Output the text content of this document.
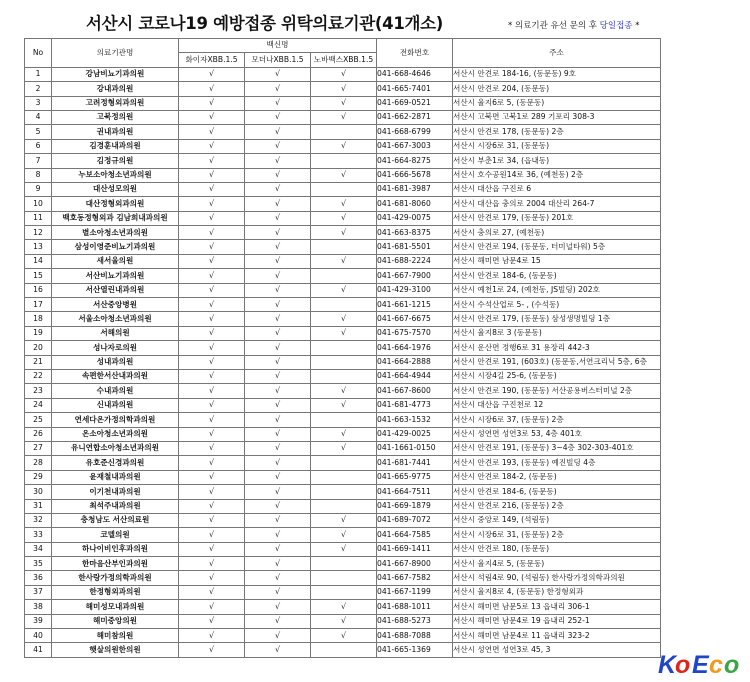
서산시 코로나19 예방접종 위탁의료기관(41개소)	* 의료기관 유선 문의 후 당일접종 *
No	의료기관명	백신명			전화번호	주소
		화이자XBB.1.5	모더나XBB.1.5	노바백스XBB.1.5		
1	강남비뇨기과의원	√	√	√	041-668-4646	서산시 안견로 184-16, (동문동) 9호
2	강내과의원	√	√	√	041-665-7401	서산시 안견로 204, (동문동)
3	고려정형외과의원	√	√	√	041-669-0521	서산시 율지6로 5, (동문동)
4	고북정의원	√	√	√	041-662-2871	서산시 고북면 고북1로 289 기포리 308-3
5	권내과의원	√	√		041-668-6799	서산시 안견로 178, (동문동) 2층
6	김경훈내과의원	√	√	√	041-667-3003	서산시 시장6로 31, (동문동)
7	김정규의원	√	√		041-664-8275	서산시 부춘1로 34, (읍내동)
8	누보소아청소년과의원	√	√	√	041-666-5678	서산시 호수공원14로 36, (예천동) 2층
9	대산성모의원	√	√		041-681-3987	서산시 대산읍 구진로 6
10	대산정형외과의원	√	√	√	041-681-8060	서산시 대산읍 충의로 2004 대산리 264-7
11	백호동정형외과 김남희내과의원	√	√	√	041-429-0075	서산시 안견로 179, (동문동) 201호
12	별소아청소년과의원	√	√	√	041-663-8375	서산시 충의로 27, (예천동)
13	삼성이영준비뇨기과의원	√	√		041-681-5501	서산시 안견로 194, (동문동, 터미널타워) 5층
14	새서울의원	√	√	√	041-688-2224	서산시 해미면 남문4로 15
15	서산비뇨기과의원	√	√		041-667-7900	서산시 안견로 184-6, (동문동)
16	서산열린내과의원	√	√	√	041-429-3100	서산시 예천1로 24, (예천동, JS빌딩) 202호
17	서산중앙병원	√	√		041-661-1215	서산시 수석산업로 5- , (수석동)
18	서울소아청소년과의원	√	√	√	041-667-6675	서산시 안견로 179, (동문동) 삼성생명빌딩 1층
19	서해의원	√	√	√	041-675-7570	서산시 율지8로 3 (동문동)
20	성나자로의원	√	√		041-664-1976	서산시 운산면 정행6로 31 용장리 442-3
21	성내과의원	√	√		041-664-2888	서산시 안견로 191, (603호) (동문동,서연크리닉 5층, 6층
22	속편한서산내과의원	√	√		041-664-4944	서산시 시장4길 25-6, (동문동)
23	수내과의원	√	√	√	041-667-8600	서산시 안견로 190, (동문동) 서산공용버스터미널 2층
24	신내과의원	√	√	√	041-681-4773	서산시 대산읍 구진천로 12
25	연세다온가정의학과의원	√	√		041-663-1532	서산시 시장6로 37, (동문동) 2층
26	온소아청소년과의원	√	√	√	041-429-0025	서산시 성연면 성연3로 53, 4층 401호
27	유니연합소아청소년과의원	√	√	√	041-1661-0150	서산시 안견로 191, (동문동) 3~4층 302-303-401호
28	유호준신경과의원	√	√		041-681-7441	서산시 안견로 193, (동문동) 예진빌딩 4층
29	윤재철내과의원	√	√		041-665-9775	서산시 안견로 184-2, (동문동)
30	이기천내과의원	√	√		041-664-7511	서산시 안견로 184-6, (동문동)
31	최석주내과의원	√	√		041-669-1879	서산시 안견로 216, (동문동) 2층
32	충청남도 서산의료원	√	√	√	041-689-7072	서산시 중앙로 149, (석림동)
33	코델의원	√	√	√	041-664-7585	서산시 시장6로 31, (동문동) 2층
34	하나이비인후과의원	√	√	√	041-669-1411	서산시 안견로 180, (동문동)
35	한마음산부인과의원	√	√		041-667-8900	서산시 율지4로 5, (동문동)
36	한사랑가정의학과의원	√	√		041-667-7582	서산시 석림4로 90, (석림동) 한사랑가정의학과의원
37	한정형외과의원	√	√		041-667-1199	서산시 율지8로 4, (동문동) 한정형외과
38	해미성모내과의원	√	√	√	041-688-1011	서산시 해미면 남문5로 13 읍내리 306-1
39	해미중앙의원	√	√	√	041-688-5273	서산시 해미면 남문4로 19 읍내리 252-1
40	해미참의원	√	√	√	041-688-7088	서산시 해미면 남문4로 11 읍내리 323-2
41	햇살의원한의원	√	√		041-665-1369	서산시 성연면 성연3로 45, 3
K
o E c o
